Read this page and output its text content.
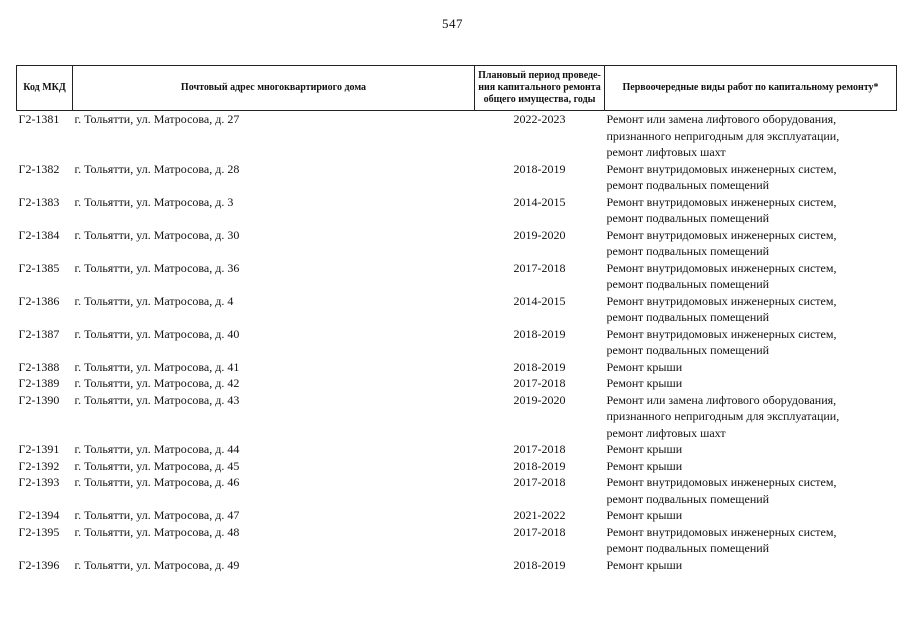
547
Код МКД	Почтовый адрес многоквартириого дома	Плановый период проведе-ния капитального ремонта общего имущества, годы	Первоочередные виды работ по капитальному ремонту*
Г2-1381	г. Тольятти, ул. Матросова, д. 27	2022-2023	Ремонт или замена лифтового оборудования,
признанного непригодным для эксплуатации,
ремонт лифтовых шахт

Г2-1382	г. Тольятти, ул. Матросова, д. 28	2018-2019	Ремонт внутридомовых инженерных систем,
ремонт подвальных помещений

Г2-1383	г. Тольятти, ул. Матросова, д. 3	2014-2015	Ремонт внутридомовых инженерных систем,
ремонт подвальных помещений

Г2-1384	г. Тольятти, ул. Матросова, д. 30	2019-2020	Ремонт внутридомовых инженерных систем,
ремонт подвальных помещений

Г2-1385	г. Тольятти, ул. Матросова, д. 36	2017-2018	Ремонт внутридомовых инженерных систем,
ремонт подвальных помещений

Г2-1386	г. Тольятти, ул. Матросова, д. 4	2014-2015	Ремонт внутридомовых инженерных систем,
ремонт подвальных помещений

Г2-1387	г. Тольятти, ул. Матросова, д. 40	2018-2019	Ремонт внутридомовых инженерных систем,
ремонт подвальных помещений

Г2-1388	г. Тольятти, ул. Матросова, д. 41	2018-2019	Ремонт крыши

Г2-1389	г. Тольятти, ул. Матросова, д. 42	2017-2018	Ремонт крыши

Г2-1390	г. Тольятти, ул. Матросова, д. 43	2019-2020	Ремонт или замена лифтового оборудования,
признанного непригодным для эксплуатации,
ремонт лифтовых шахт

Г2-1391	г. Тольятти, ул. Матросова, д. 44	2017-2018	Ремонт крыши

Г2-1392	г. Тольятти, ул. Матросова, д. 45	2018-2019	Ремонт крыши

Г2-1393	г. Тольятти, ул. Матросова, д. 46	2017-2018	Ремонт внутридомовых инженерных систем,
ремонт подвальных помещений

Г2-1394	г. Тольятти, ул. Матросова, д. 47	2021-2022	Ремонт крыши

Г2-1395	г. Тольятти, ул. Матросова, д. 48	2017-2018	Ремонт внутридомовых инженерных систем,
ремонт подвальных помещений

Г2-1396	г. Тольятти, ул. Матросова, д. 49	2018-2019	Ремонт крыши
